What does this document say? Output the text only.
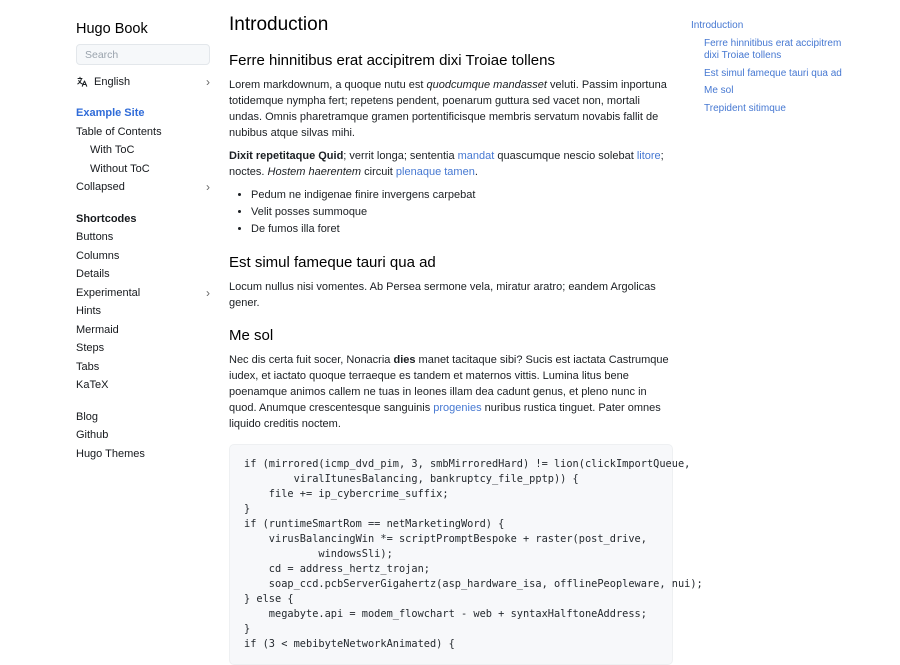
Hugo Book
Search
English	›
Example Site
Table of Contents
With ToC
Without ToC
Collapsed	›
Shortcodes
Buttons
Columns
Details
Experimental	›
Hints
Mermaid
Steps
Tabs
KaTeX
Blog
Github
Hugo Themes
Introduction
Ferre hinnitibus erat accipitrem dixi Troiae tollens

Lorem markdownum, a quoque nutu est quodcumque mandasset veluti. Passim inportuna totidemque nympha fert; repetens pendent, poenarum guttura sed vacet non, mortali undas. Omnis pharetramque gramen portentificisque membris servatum novabis fallit de nubibus atque silvas mihi.

Dixit repetitaque Quid; verrit longa; sententia mandat quascumque nescio solebat litore; noctes. Hostem haerentem circuit plenaque tamen.

• Pedum ne indigenae finire invergens carpebat
• Velit posses summoque
• De fumos illa foret
Est simul fameque tauri qua ad

Locum nullus nisi vomentes. Ab Persea sermone vela, miratur aratro; eandem Argolicas gener.

Me sol

Nec dis certa fuit socer, Nonacria dies manet tacitaque sibi? Sucis est iactata Castrumque iudex, et iactato quoque terraeque es tandem et maternos vittis. Lumina litus bene poenamque animos callem ne tuas in leones illam dea cadunt genus, et pleno nunc in quod. Anumque crescentesque sanguinis progenies nuribus rustica tinguet. Pater omnes liquido creditis noctem.

if (mirrored(icmp_dvd_pim, 3, smbMirroredHard) != lion(clickImportQueue,
viralItunesBalancing, bankruptcy_file_pptp)) {
file += ip_cybercrime_suffix;
}
if (runtimeSmartRom == netMarketingWord) {
virusBalancingWin *= scriptPromptBespoke + raster(post_drive,
windowsSli);
cd = address_hertz_trojan;
soap_ccd.pcbServerGigahertz(asp_hardware_isa, offlinePeopleware, nui);
} else {
megabyte.api = modem_flowchart - web + syntaxHalftoneAddress;
}
if (3 < mebibyteNetworkAnimated) {
Introduction
Ferre hinnitibus erat accipitrem dixi Troiae tollens
Est simul fameque tauri qua ad
Me sol
Trepident sitimque
